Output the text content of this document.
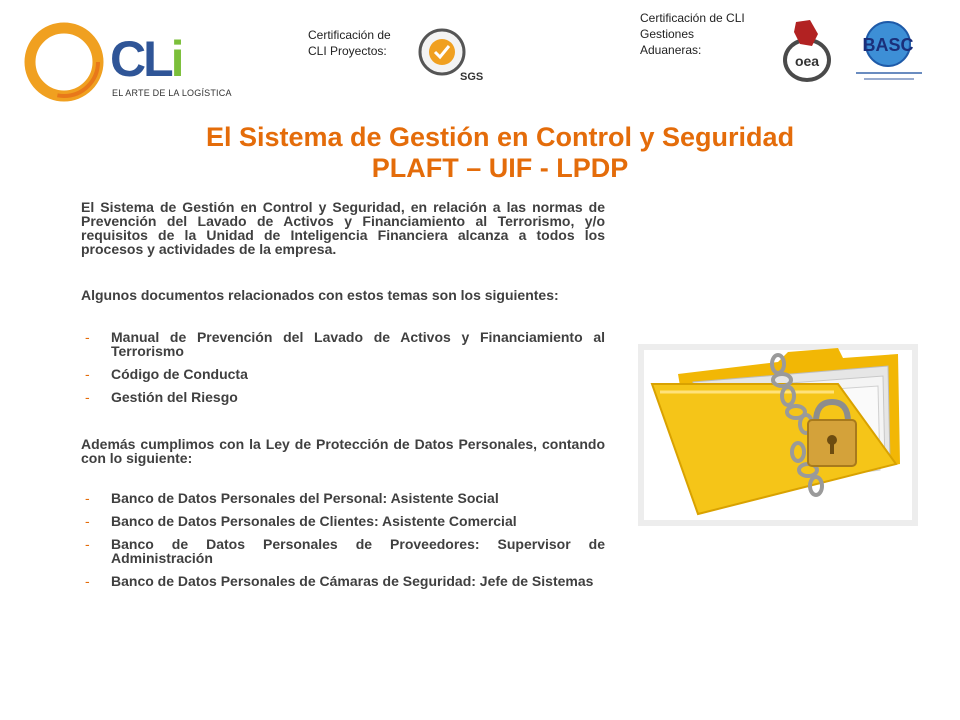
CLi
EL ARTE DE LA LOGÍSTICA
Certificación de CLI Proyectos:
Certificación de CLI Gestiones Aduaneras:
SGS
oea
BASC
El Sistema de Gestión en Control y Seguridad
PLAFT – UIF - LPDP

El Sistema de Gestión en Control y Seguridad, en relación a las normas de Prevención del Lavado de Activos y Financiamiento al Terrorismo, y/o requisitos de la Unidad de Inteligencia Financiera alcanza a todos los procesos y actividades de la empresa.

Algunos documentos relacionados con estos temas son los siguientes:

- Manual de Prevención del Lavado de Activos y Financiamiento al Terrorismo
- Código de Conducta
- Gestión del Riesgo

Además cumplimos con la Ley de Protección de Datos Personales, contando con lo siguiente:

- Banco de Datos Personales del Personal: Asistente Social
- Banco de Datos Personales de Clientes: Asistente Comercial
- Banco de Datos Personales de Proveedores: Supervisor de Administración
- Banco de Datos Personales de Cámaras de Seguridad: Jefe de Sistemas
